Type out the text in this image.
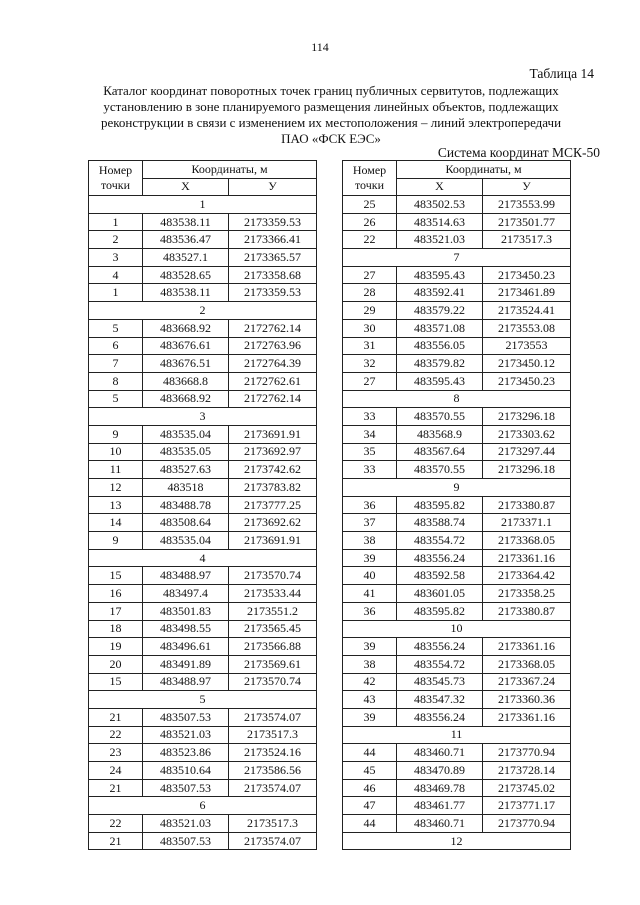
114
Таблица 14
Каталог координат поворотных точек границ публичных сервитутов, подлежащих
установлению в зоне планируемого размещения линейных объектов, подлежащих
реконструкции в связи с изменением их местоположения – линий электропередачи
ПАО «ФСК ЕЭС»
Система координат МСК-50
Номер
точки	Координаты, м	
	X	У
1		
1	483538.11	2173359.53
2	483536.47	2173366.41
3	483527.1	2173365.57
4	483528.65	2173358.68
1	483538.11	2173359.53
2		
5	483668.92	2172762.14
6	483676.61	2172763.96
7	483676.51	2172764.39
8	483668.8	2172762.61
5	483668.92	2172762.14
3		
9	483535.04	2173691.91
10	483535.05	2173692.97
11	483527.63	2173742.62
12	483518	2173783.82
13	483488.78	2173777.25
14	483508.64	2173692.62
9	483535.04	2173691.91
4		
15	483488.97	2173570.74
16	483497.4	2173533.44
17	483501.83	2173551.2
18	483498.55	2173565.45
19	483496.61	2173566.88
20	483491.89	2173569.61
15	483488.97	2173570.74
5		
21	483507.53	2173574.07
22	483521.03	2173517.3
23	483523.86	2173524.16
24	483510.64	2173586.56
21	483507.53	2173574.07
6		
22	483521.03	2173517.3
21	483507.53	2173574.07
Номер
точки	Координаты, м	
	X	У
25	483502.53	2173553.99
26	483514.63	2173501.77
22	483521.03	2173517.3
7		
27	483595.43	2173450.23
28	483592.41	2173461.89
29	483579.22	2173524.41
30	483571.08	2173553.08
31	483556.05	2173553
32	483579.82	2173450.12
27	483595.43	2173450.23
8		
33	483570.55	2173296.18
34	483568.9	2173303.62
35	483567.64	2173297.44
33	483570.55	2173296.18
9		
36	483595.82	2173380.87
37	483588.74	2173371.1
38	483554.72	2173368.05
39	483556.24	2173361.16
40	483592.58	2173364.42
41	483601.05	2173358.25
36	483595.82	2173380.87
10		
39	483556.24	2173361.16
38	483554.72	2173368.05
42	483545.73	2173367.24
43	483547.32	2173360.36
39	483556.24	2173361.16
11		
44	483460.71	2173770.94
45	483470.89	2173728.14
46	483469.78	2173745.02
47	483461.77	2173771.17
44	483460.71	2173770.94
12		
